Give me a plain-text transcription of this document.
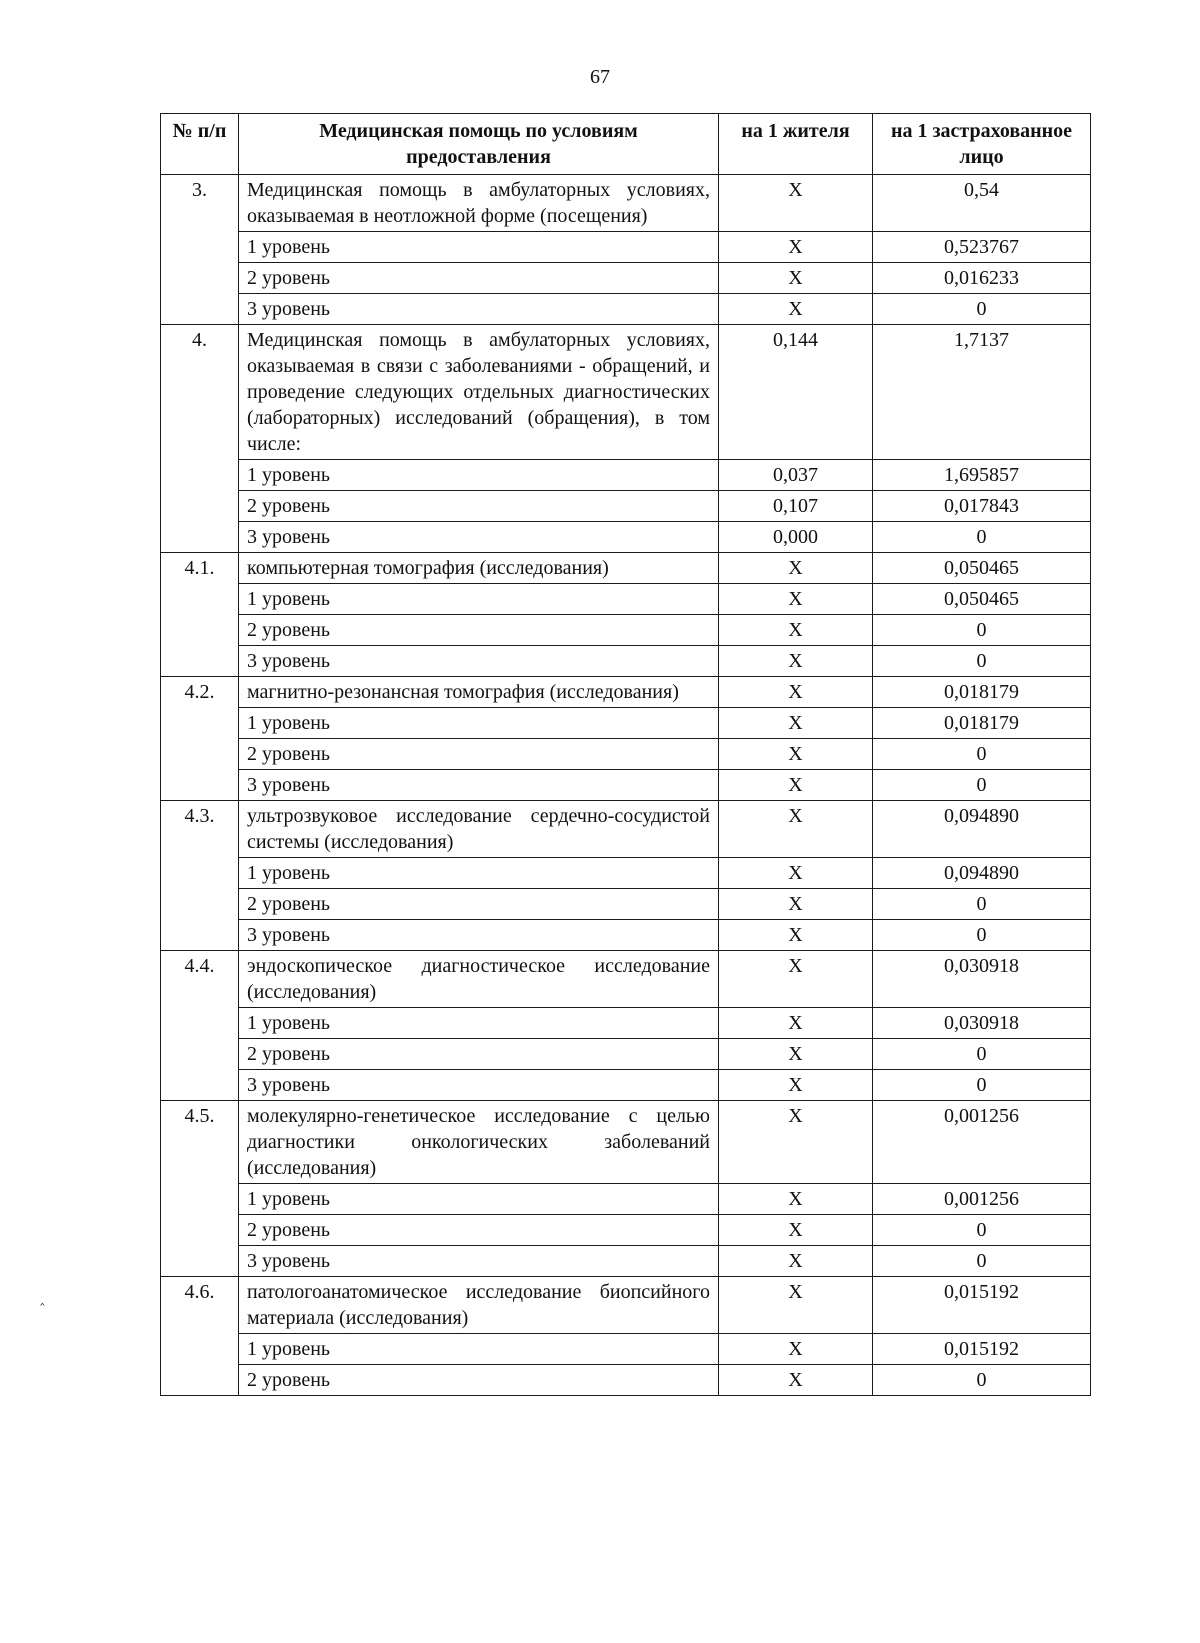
67
№ п/п	Медицинская помощь по условиям предоставления	на 1 жителя	на 1 застрахованное лицо
3.	Медицинская помощь в амбулаторных условиях, оказываемая в неотложной форме (посещения)	Х	0,54
	1 уровень	Х	0,523767
	2 уровень	Х	0,016233
	3 уровень	Х	0
4.	Медицинская помощь в амбулаторных условиях, оказываемая в связи с заболеваниями - обращений, и проведение следующих отдельных диагностических (лабораторных) исследований (обращения), в том числе:	0,144	1,7137
	1 уровень	0,037	1,695857
	2 уровень	0,107	0,017843
	3 уровень	0,000	0
4.1.	компьютерная томография (исследования)	Х	0,050465
	1 уровень	Х	0,050465
	2 уровень	Х	0
	3 уровень	Х	0
4.2.	магнитно-резонансная томография (исследования)	Х	0,018179
	1 уровень	Х	0,018179
	2 уровень	Х	0
	3 уровень	Х	0
4.3.	ультрозвуковое исследование сердечно-сосудистой системы (исследования)	Х	0,094890
	1 уровень	Х	0,094890
	2 уровень	Х	0
	3 уровень	Х	0
4.4.	эндоскопическое диагностическое исследование (исследования)	Х	0,030918
	1 уровень	Х	0,030918
	2 уровень	Х	0
	3 уровень	Х	0
4.5.	молекулярно-генетическое исследование с целью диагностики онкологических заболеваний (исследования)	Х	0,001256
	1 уровень	Х	0,001256
	2 уровень	Х	0
	3 уровень	Х	0
4.6.	патологоанатомическое исследование биопсийного материала (исследования)	Х	0,015192
	1 уровень	Х	0,015192
	2 уровень	Х	0
‸
